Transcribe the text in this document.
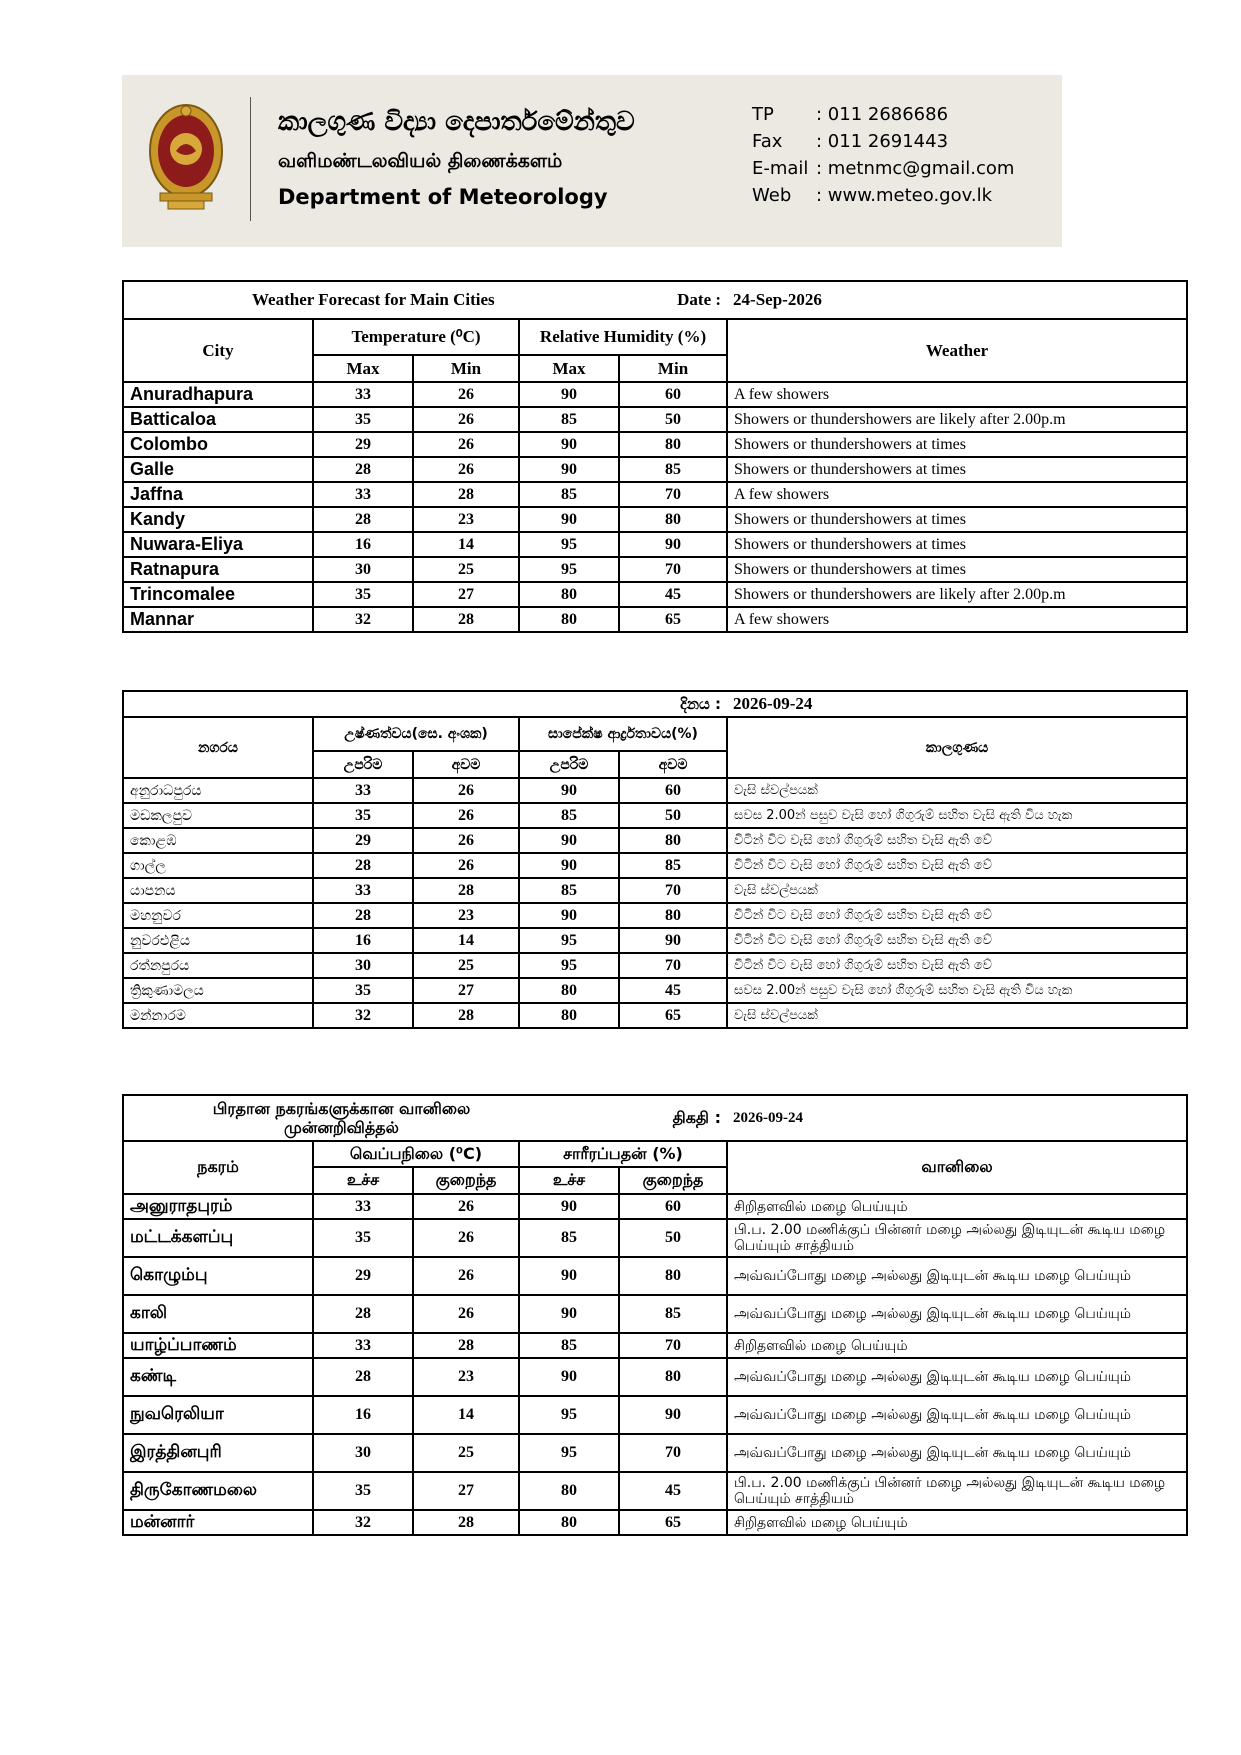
කාලගුණ විද්‍යා දෙපාර්තමේන්තුව
வளிமண்டலவியல் திணைக்களம்
Department of Meteorology
TP	: 011 2686686
Fax	: 011 2691443
E-mail : metnmc@gmail.com
Web	: www.meteo.gov.lk
Weather Forecast for Main Cities				Date :	24-Sep-2026
City	Temperature (⁰C)		Relative Humidity (%)		Weather
	Max	Min	Max	Min	
Anuradhapura	33	26	90	60	A few showers
Batticaloa	35	26	85	50	Showers or thundershowers are likely after 2.00p.m
Colombo	29	26	90	80	Showers or thundershowers at times
Galle	28	26	90	85	Showers or thundershowers at times
Jaffna	33	28	85	70	A few showers
Kandy	28	23	90	80	Showers or thundershowers at times
Nuwara-Eliya	16	14	95	90	Showers or thundershowers at times
Ratnapura	30	25	95	70	Showers or thundershowers at times
Trincomalee	35	27	80	45	Showers or thundershowers are likely after 2.00p.m
Mannar	32	28	80	65	A few showers
දිනය :					2026-09-24
නගරය	උෂ්ණත්වය(සෙ. අංශක)		සාපේක්ෂ ආර්ද්‍රතාවය(%)		කාලගුණය
	උපරිම	අවම	උපරිම	අවම	
අනුරාධපුරය	33	26	90	60	වැසි ස්වල්පයක්
මඩකලපුව	35	26	85	50	සවස 2.00න් පසුව වැසි හෝ ගිගුරුම් සහිත වැසි ඇති විය හැක
කොළඹ	29	26	90	80	විටින් විට වැසි හෝ ගිගුරුම් සහිත වැසි ඇති වේ
ගාල්ල	28	26	90	85	විටින් විට වැසි හෝ ගිගුරුම් සහිත වැසි ඇති වේ
යාපනය	33	28	85	70	වැසි ස්වල්පයක්
මහනුවර	28	23	90	80	විටින් විට වැසි හෝ ගිගුරුම් සහිත වැසි ඇති වේ
නුවරඑළිය	16	14	95	90	විටින් විට වැසි හෝ ගිගුරුම් සහිත වැසි ඇති වේ
රත්නපුරය	30	25	95	70	විටින් විට වැසි හෝ ගිගුරුම් සහිත වැසි ඇති වේ
ත්‍රිකුණාමලය	35	27	80	45	සවස 2.00න් පසුව වැසි හෝ ගිගුරුම් සහිත වැසි ඇති විය හැක
මන්නාරම	32	28	80	65	වැසි ස්වල්පයක්
பிரதான நகரங்களுக்கான வானிலை முன்னறிவித்தல்				திகதி :	2026-09-24
நகரம்	வெப்பநிலை (⁰C)		சாரீரப்பதன் (%)		வானிலை
	உச்ச	குறைந்த	உச்ச	குறைந்த	
அனுராதபுரம்	33	26	90	60	சிறிதளவில் மழை பெய்யும்
மட்டக்களப்பு	35	26	85	50	பி.ப. 2.00 மணிக்குப் பின்னர் மழை அல்லது இடியுடன் கூடிய மழை பெய்யும் சாத்தியம்
கொழும்பு	29	26	90	80	அவ்வப்போது மழை அல்லது இடியுடன் கூடிய மழை பெய்யும்
காலி	28	26	90	85	அவ்வப்போது மழை அல்லது இடியுடன் கூடிய மழை பெய்யும்
யாழ்ப்பாணம்	33	28	85	70	சிறிதளவில் மழை பெய்யும்
கண்டி	28	23	90	80	அவ்வப்போது மழை அல்லது இடியுடன் கூடிய மழை பெய்யும்
நுவரெலியா	16	14	95	90	அவ்வப்போது மழை அல்லது இடியுடன் கூடிய மழை பெய்யும்
இரத்தினபுரி	30	25	95	70	அவ்வப்போது மழை அல்லது இடியுடன் கூடிய மழை பெய்யும்
திருகோணமலை	35	27	80	45	பி.ப. 2.00 மணிக்குப் பின்னர் மழை அல்லது இடியுடன் கூடிய மழை பெய்யும் சாத்தியம்
மன்னார்	32	28	80	65	சிறிதளவில் மழை பெய்யும்
